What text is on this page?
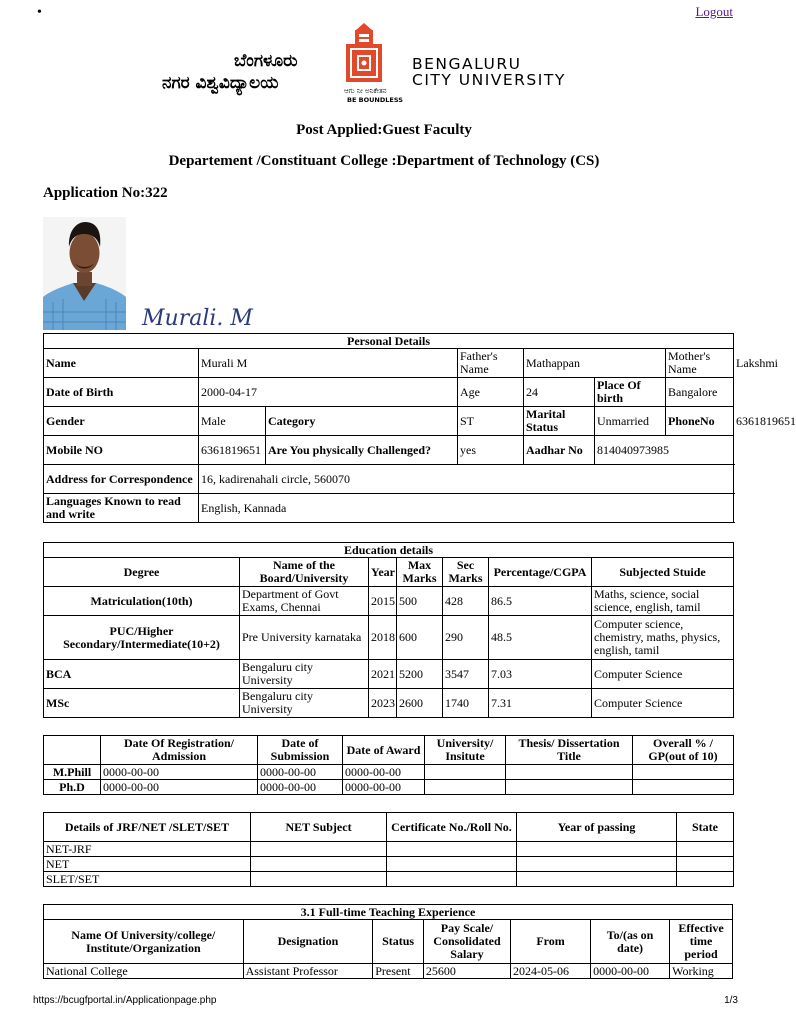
•	Logout
ಬೆಂಗಳೂರು
ನಗರ ವಿಶ್ವವಿದ್ಯಾಲಯ	ಆಗು ನೀ ಅನಿಕೇತನ
BE BOUNDLESS
BENGALURU
CITY UNIVERSITY
Post Applied:Guest Faculty
Departement /Constituant College :Department of Technology (CS)
Application No:322
Murali. M
Personal Details							
Name	Murali M		Father's Name	Mathappan		Mother's Name	Lakshmi
Date of Birth	2000-04-17		Age	24	Place Of birth	Bangalore	
Gender	Male	Category	ST	Marital Status	Unmarried	PhoneNo	6361819651
Mobile NO	6361819651	Are You physically Challenged?	yes	Aadhar No	814040973985		
Address for Correspondence	16, kadirenahali circle, 560070						
Languages Known to read and write	English, Kannada						
Education details						
Degree	Name of the Board/University	Year	Max Marks	Sec Marks	Percentage/CGPA	Subjected Stuide
Matriculation(10th)	Department of Govt Exams, Chennai	2015	500	428	86.5	Maths, science, social science, english, tamil
PUC/Higher Secondary/Intermediate(10+2)	Pre University karnataka	2018	600	290	48.5	Computer science, chemistry, maths, physics, english, tamil
BCA	Bengaluru city University	2021	5200	3547	7.03	Computer Science
MSc	Bengaluru city University	2023	2600	1740	7.31	Computer Science
	Date Of Registration/ Admission	Date of Submission	Date of Award	University/ Insitute	Thesis/ Dissertation Title	Overall % / GP(out of 10)
M.Phill	0000-00-00	0000-00-00	0000-00-00			
Ph.D	0000-00-00	0000-00-00	0000-00-00			
Details of JRF/NET /SLET/SET	NET Subject	Certificate No./Roll No.	Year of passing	State
NET-JRF				
NET				
SLET/SET				
3.1 Full-time Teaching Experience						
Name Of University/college/ Institute/Organization	Designation	Status	Pay Scale/ Consolidated Salary	From	To/(as on date)	Effective time period
National College	Assistant Professor	Present	25600	2024-05-06	0000-00-00	Working
https://bcugfportal.in/Applicationpage.php	1/3
